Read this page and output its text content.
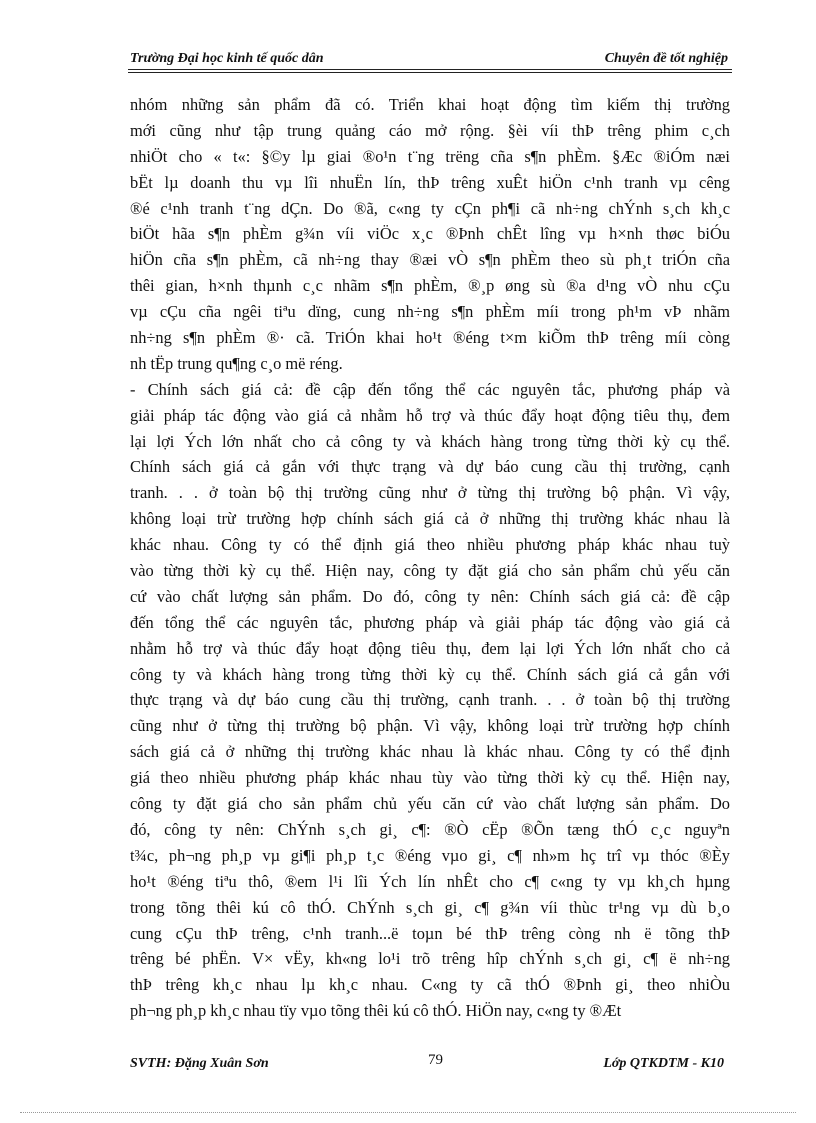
Trường Đại học kinh tế quốc dân	Chuyên đề tốt nghiệp
nhóm những sản phẩm đã có. Triển khai hoạt động tìm kiếm thị trường
mới cũng như tập trung quảng cáo mở rộng. §èi víi thÞ trêng phim c¸ch
nhiÖt cho « t«: §©y lµ giai ®o¹n t¨ng trëng cña s¶n phÈm. §Æc ®iÓm næi
bËt lµ doanh thu vµ lîi nhuËn lín, thÞ trêng xuÊt hiÖn c¹nh tranh vµ cêng
®é c¹nh tranh t¨ng dÇn. Do ®ã, c«ng ty cÇn ph¶i cã nh÷ng chÝnh s¸ch kh¸c
biÖt hãa s¶n phÈm g¾n víi viÖc x¸c ®Þnh chÊt lîng vµ h×nh thøc biÓu
hiÖn cña s¶n phÈm, cã nh÷ng thay ®æi vÒ s¶n phÈm theo sù ph¸t triÓn cña
thêi gian, h×nh thµnh c¸c nhãm s¶n phÈm, ®¸p øng sù ®a d¹ng vÒ nhu cÇu
vµ cÇu cña ngêi tiªu dïng, cung nh÷ng s¶n phÈm míi trong ph¹m vÞ nhãm
nh÷ng s¶n phÈm ®· cã. TriÓn khai ho¹t ®éng t×m kiÕm thÞ trêng míi còng
nh tËp trung qu¶ng c¸o më réng.
- Chính sách giá cả: đề cập đến tổng thể các nguyên tắc, phương pháp và
giải pháp tác động vào giá cả nhằm hỗ trợ và thúc đẩy hoạt động tiêu thụ, đem
lại lợi Ých lớn nhất cho cả công ty và khách hàng trong từng thời kỳ cụ thể.
Chính sách giá cả gắn với thực trạng và dự báo cung cầu thị trường, cạnh
tranh. . . ở toàn bộ thị trường cũng như ở từng thị trường bộ phận. Vì vậy,
không loại trừ trường hợp chính sách giá cả ở những thị trường khác nhau là
khác nhau. Công ty có thể định giá theo nhiều phương pháp khác nhau tuỳ
vào từng thời kỳ cụ thể. Hiện nay, công ty đặt giá cho sản phẩm chủ yếu căn
cứ vào chất lượng sản phẩm. Do đó, công ty nên: Chính sách giá cả: đề cập
đến tổng thể các nguyên tắc, phương pháp và giải pháp tác động vào giá cả
nhằm hỗ trợ và thúc đẩy hoạt động tiêu thụ, đem lại lợi Ých lớn nhất cho cả
công ty và khách hàng trong từng thời kỳ cụ thể. Chính sách giá cả gắn với
thực trạng và dự báo cung cầu thị trường, cạnh tranh. . . ở toàn bộ thị trường
cũng như ở từng thị trường bộ phận. Vì vậy, không loại trừ trường hợp chính
sách giá cả ở những thị trường khác nhau là khác nhau. Công ty có thể định
giá theo nhiều phương pháp khác nhau tùy vào từng thời kỳ cụ thể. Hiện nay,
công ty đặt giá cho sản phẩm chủ yếu căn cứ vào chất lượng sản phẩm. Do
đó, công ty nên: ChÝnh s¸ch gi¸ c¶: ®Ò cËp ®Õn tæng thÓ c¸c nguyªn
t¾c, ph¬ng ph¸p vµ gi¶i ph¸p t¸c ®éng vµo gi¸ c¶ nh»m hç trî vµ thóc ®Èy
ho¹t ®éng tiªu thô, ®em l¹i lîi Ých lín nhÊt cho c¶ c«ng ty vµ kh¸ch hµng
trong tõng thêi kú cô thÓ. ChÝnh s¸ch gi¸ c¶ g¾n víi thùc tr¹ng vµ dù b¸o
cung cÇu thÞ trêng, c¹nh tranh...ë toµn bé thÞ trêng còng nh ë tõng thÞ
trêng bé phËn. V× vËy, kh«ng lo¹i trõ trêng hîp chÝnh s¸ch gi¸ c¶ ë nh÷ng
thÞ trêng kh¸c nhau lµ kh¸c nhau. C«ng ty cã thÓ ®Þnh gi¸ theo nhiÒu
ph¬ng ph¸p kh¸c nhau tïy vµo tõng thêi kú cô thÓ. HiÖn nay, c«ng ty ®Æt
SVTH: Đặng Xuân Sơn	79	Lớp QTKDTM - K10
